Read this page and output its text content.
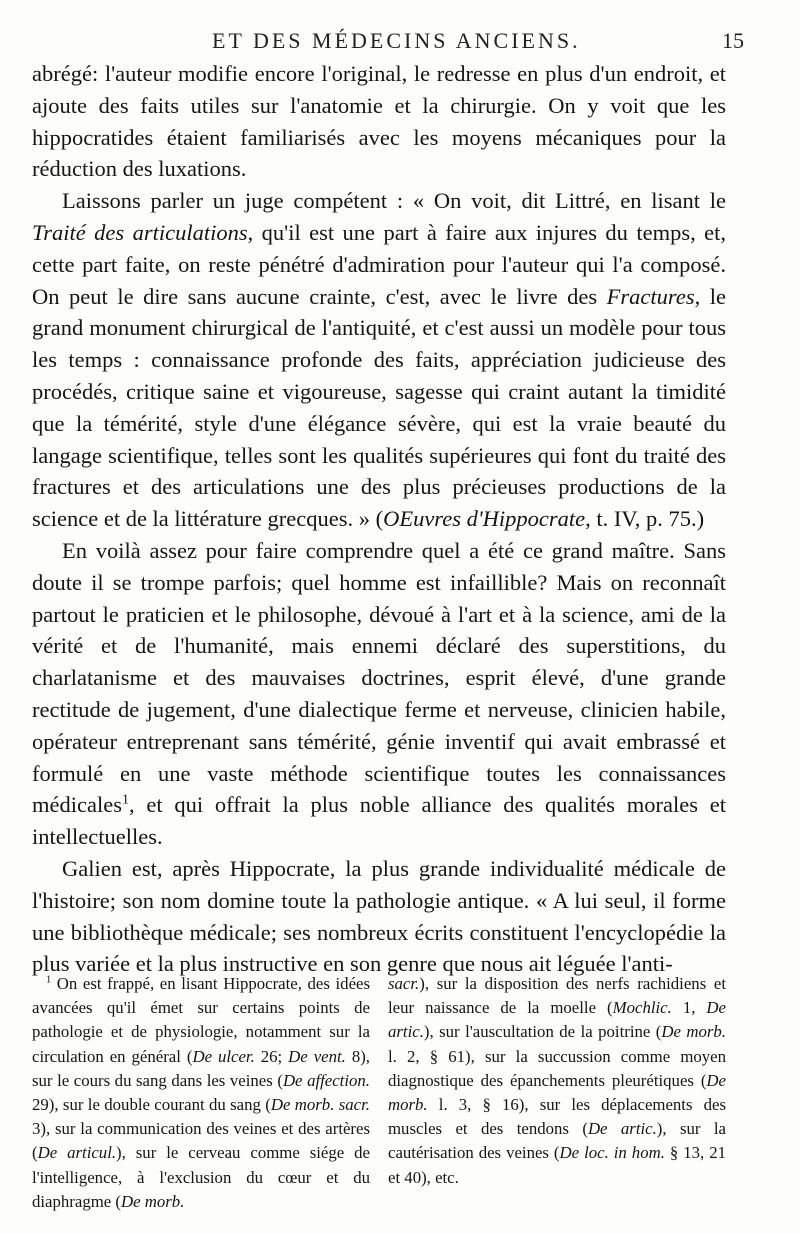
ET DES MÉDECINS ANCIENS.	15

abrégé: l'auteur modifie encore l'original, le redresse en plus d'un endroit, et ajoute des faits utiles sur l'anatomie et la chirurgie. On y voit que les hippocratides étaient familiarisés avec les moyens mécaniques pour la réduction des luxations.

Laissons parler un juge compétent : « On voit, dit Littré, en lisant le Traité des articulations, qu'il est une part à faire aux injures du temps, et, cette part faite, on reste pénétré d'admiration pour l'auteur qui l'a composé. On peut le dire sans aucune crainte, c'est, avec le livre des Fractures, le grand monument chirurgical de l'antiquité, et c'est aussi un modèle pour tous les temps : connaissance profonde des faits, appréciation judicieuse des procédés, critique saine et vigoureuse, sagesse qui craint autant la timidité que la témérité, style d'une élégance sévère, qui est la vraie beauté du langage scientifique, telles sont les qualités supérieures qui font du traité des fractures et des articulations une des plus précieuses productions de la science et de la littérature grecques. » (OEuvres d'Hippocrate, t. IV, p. 75.)

En voilà assez pour faire comprendre quel a été ce grand maître. Sans doute il se trompe parfois; quel homme est infaillible? Mais on reconnaît partout le praticien et le philosophe, dévoué à l'art et à la science, ami de la vérité et de l'humanité, mais ennemi déclaré des superstitions, du charlatanisme et des mauvaises doctrines, esprit élevé, d'une grande rectitude de jugement, d'une dialectique ferme et nerveuse, clinicien habile, opérateur entreprenant sans témérité, génie inventif qui avait embrassé et formulé en une vaste méthode scientifique toutes les connaissances médicales$^1$, et qui offrait la plus noble alliance des qualités morales et intellectuelles.

Galien est, après Hippocrate, la plus grande individualité médicale de l'histoire; son nom domine toute la pathologie antique. « A lui seul, il forme une bibliothèque médicale; ses nombreux écrits constituent l'encyclopédie la plus variée et la plus instructive en son genre que nous ait léguée l'anti-

$^1$ On est frappé, en lisant Hippocrate, des idées avancées qu'il émet sur certains points de pathologie et de physiologie, notamment sur la circulation en général (De ulcer. 26; De vent. 8), sur le cours du sang dans les veines (De affection. 29), sur le double courant du sang (De morb. sacr. 3), sur la communication des veines et des artères (De articul.), sur le cerveau comme siége de l'intelligence, à l'exclusion du cœur et du diaphragme (De morb.

sacr.), sur la disposition des nerfs rachidiens et leur naissance de la moelle (Mochlic. 1, De artic.), sur l'auscultation de la poitrine (De morb. l. 2, § 61), sur la succussion comme moyen diagnostique des épanchements pleurétiques (De morb. l. 3, § 16), sur les déplacements des muscles et des tendons (De artic.), sur la cautérisation des veines (De loc. in hom. § 13, 21 et 40), etc.
